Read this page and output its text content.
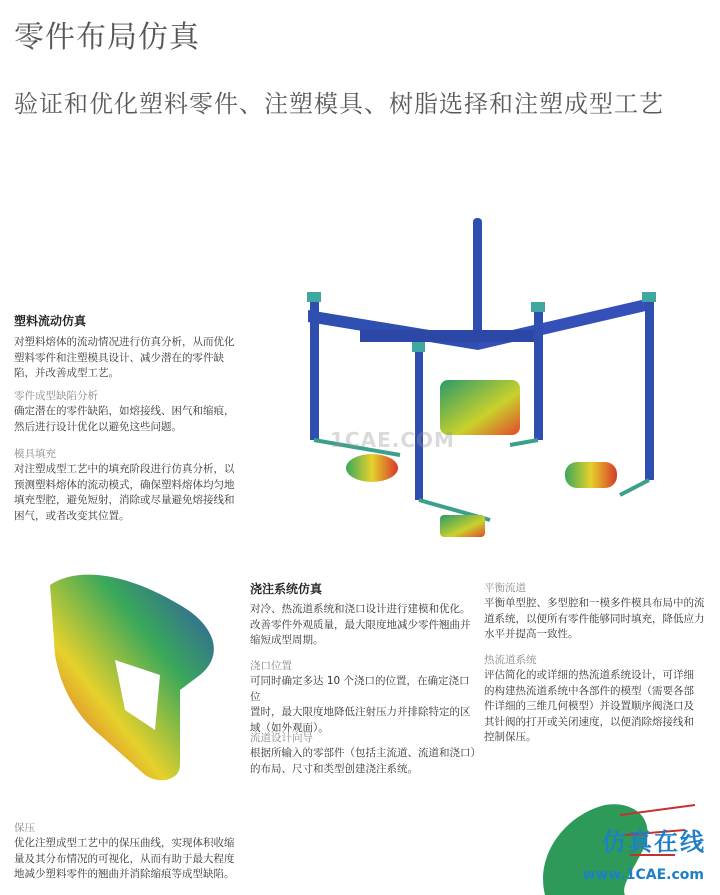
零件布局仿真
验证和优化塑料零件、注塑模具、树脂选择和注塑成型工艺
塑料流动仿真
对塑料熔体的流动情况进行仿真分析，从而优化
塑料零件和注塑模具设计、减少潜在的零件缺
陷，并改善成型工艺。
零件成型缺陷分析
确定潜在的零件缺陷，如熔接线、困气和缩痕，
然后进行设计优化以避免这些问题。
模具填充
对注塑成型工艺中的填充阶段进行仿真分析，以
预测塑料熔体的流动模式，确保塑料熔体均匀地
填充型腔，避免短射，消除或尽量避免熔接线和
困气，或者改变其位置。
保压
优化注塑成型工艺中的保压曲线，实现体积收缩
量及其分布情况的可视化，从而有助于最大程度
地减少塑料零件的翘曲并消除缩痕等成型缺陷。
浇注系统仿真
对冷、热流道系统和浇口设计进行建模和优化。
改善零件外观质量，最大限度地减少零件翘曲并
缩短成型周期。
浇口位置
可同时确定多达 10 个浇口的位置，在确定浇口位
置时，最大限度地降低注射压力并排除特定的区
域（如外观面）。
流道设计向导
根据所输入的零部件（包括主流道、流道和浇口）
的布局、尺寸和类型创建浇注系统。
平衡流道
平衡单型腔、多型腔和一模多件模具布局中的流
道系统，以便所有零件能够同时填充，降低应力
水平并提高一致性。
热流道系统
评估简化的或详细的热流道系统设计，可详细
的构建热流道系统中各部件的模型（需要各部
件详细的三维几何模型）并设置顺序阀浇口及
其针阀的打开或关闭速度，以便消除熔接线和
控制保压。
1CAE.COM
仿真在线
www.1CAE.com
